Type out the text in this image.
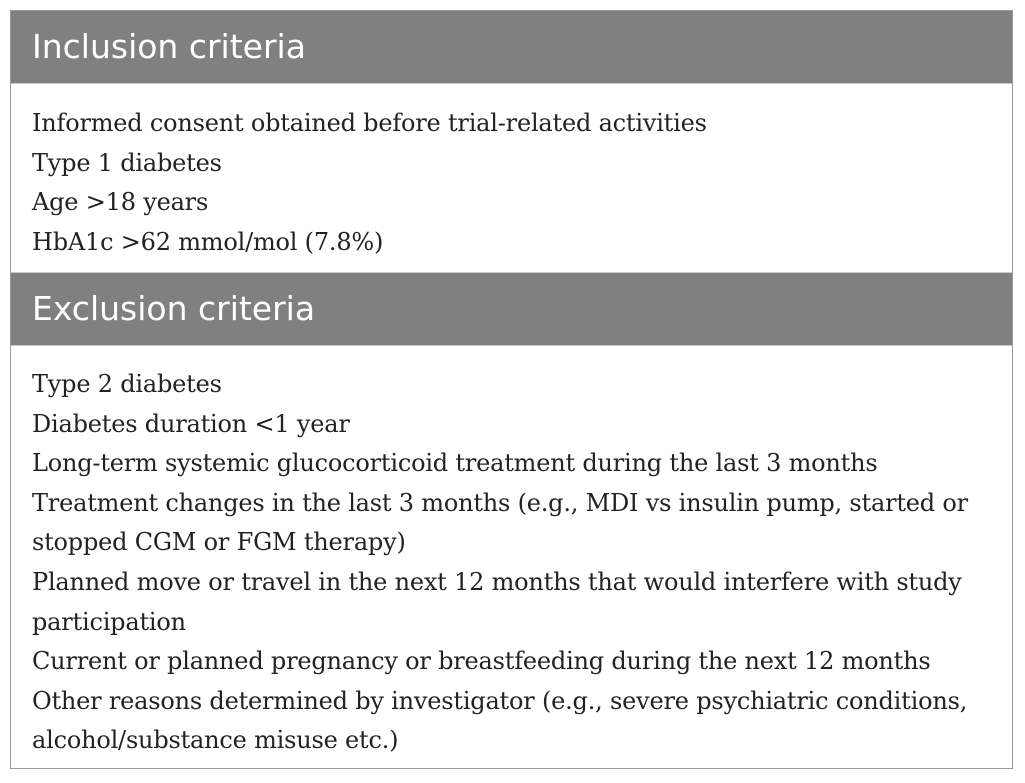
Inclusion criteria
Informed consent obtained before trial-related activities
Type 1 diabetes
Age >18 years
HbA1c >62 mmol/mol (7.8%)
Exclusion criteria
Type 2 diabetes
Diabetes duration <1 year
Long-term systemic glucocorticoid treatment during the last 3 months
Treatment changes in the last 3 months (e.g., MDI vs insulin pump, started or stopped CGM or FGM therapy)
Planned move or travel in the next 12 months that would interfere with study participation
Current or planned pregnancy or breastfeeding during the next 12 months
Other reasons determined by investigator (e.g., severe psychiatric conditions, alcohol/substance misuse etc.)
